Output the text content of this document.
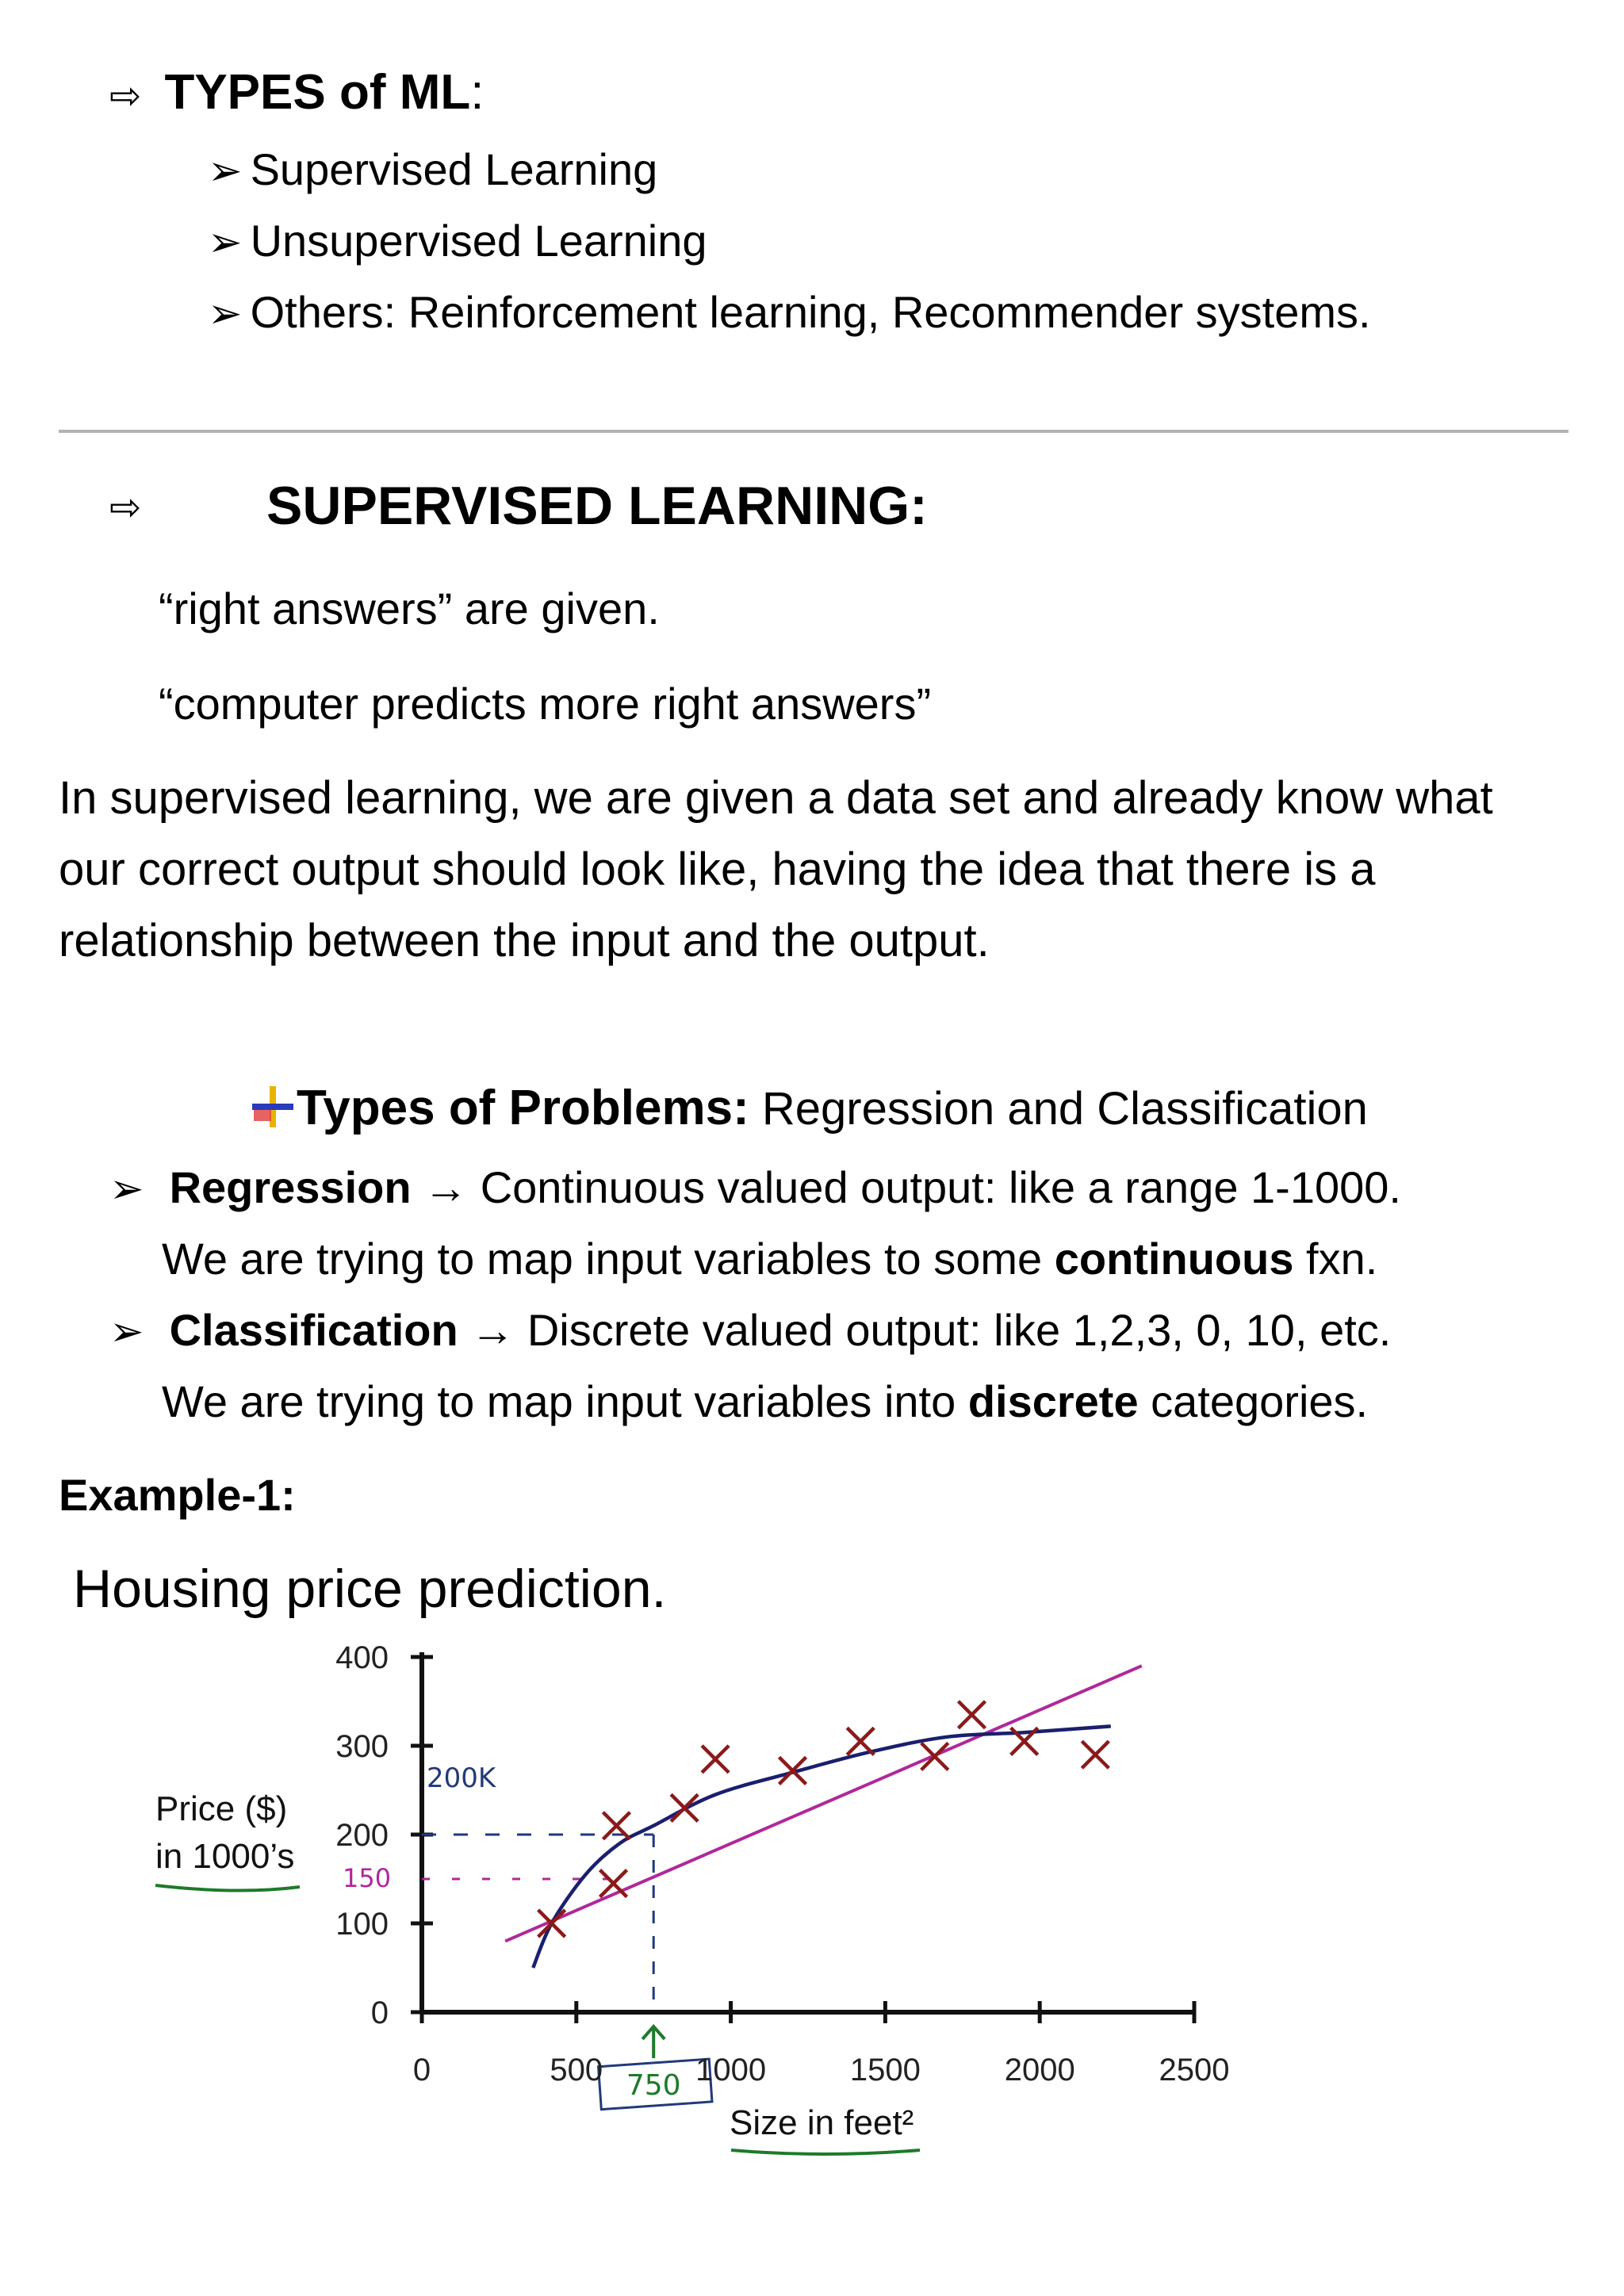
⇨ TYPES of ML:
➢ Supervised Learning
➢ Unsupervised Learning
➢ Others: Reinforcement learning, Recommender systems.
⇨ SUPERVISED LEARNING:
“right answers” are given.
“computer predicts more right answers”
In supervised learning, we are given a data set and already know what our correct output should look like, having the idea that there is a relationship between the input and the output.
Types of Problems: Regression and Classification
➢ Regression → Continuous valued output: like a range 1-1000.
We are trying to map input variables to some continuous fxn.
➢ Classification → Discrete valued output: like 1,2,3, 0, 10, etc.
We are trying to map input variables into discrete categories.
Example-1:
Housing price prediction.
200K
150
750
0	500	1000	1500	2000	2500
0
100
200
300
400
Price ($)
in 1000’s
Size in feet²
